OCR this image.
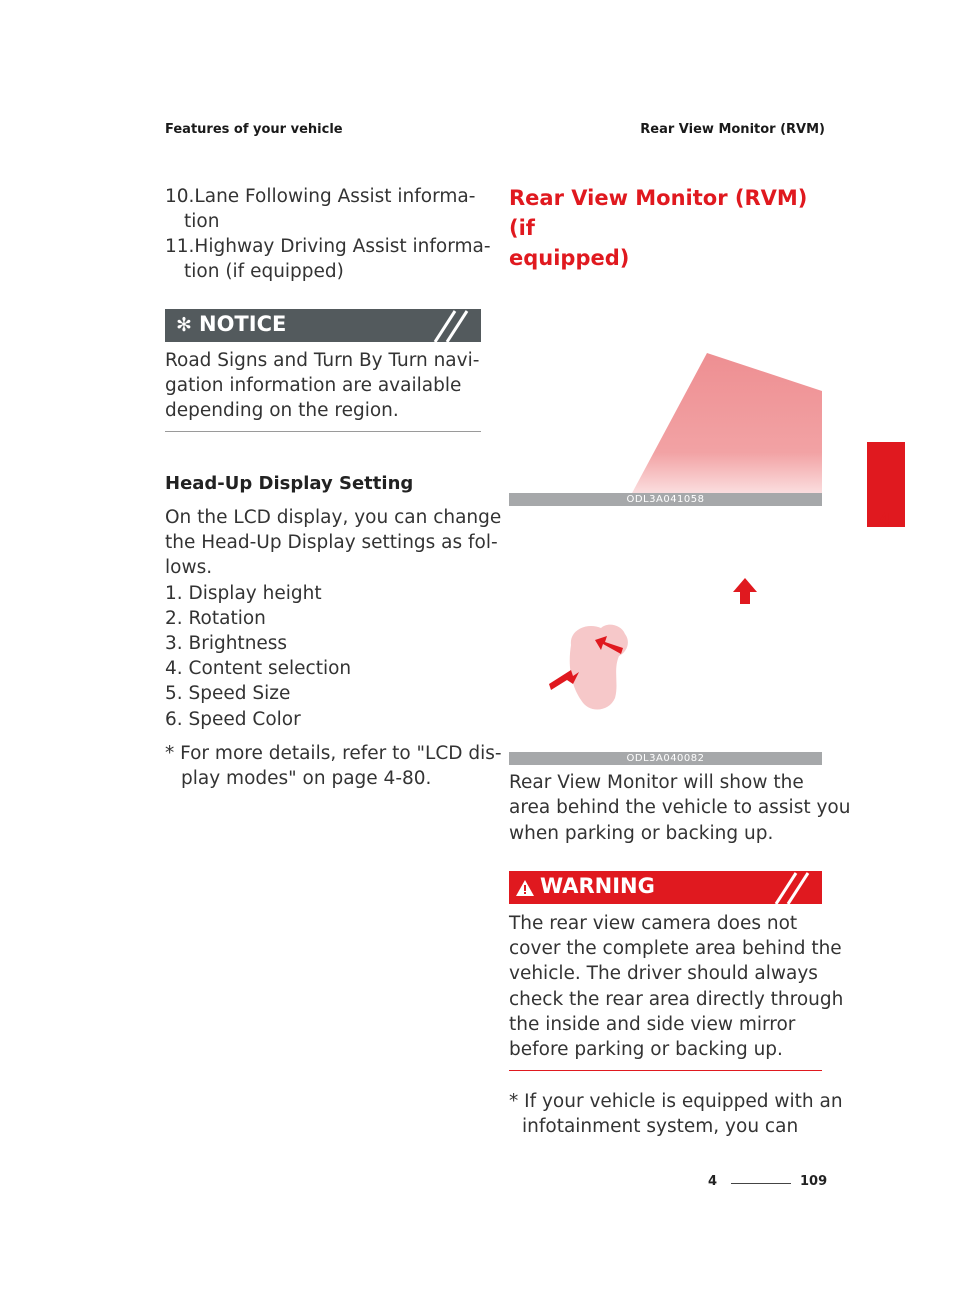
Features of your vehicle	Rear View Monitor (RVM)
10.Lane Following Assist informa-
tion
11.Highway Driving Assist informa-
tion (if equipped)
✻ NOTICE
Road Signs and Turn By Turn navi-
gation information are available
depending on the region.
Head-Up Display Setting
On the LCD display, you can change
the Head-Up Display settings as fol-
lows.
1. Display height
2. Rotation
3. Brightness
4. Content selection
5. Speed Size
6. Speed Color
* For more details, refer to "LCD dis-
play modes" on page 4-80.
Rear View Monitor (RVM) (if
equipped)
ODL3A041058
ODL3A040082
Rear View Monitor will show the
area behind the vehicle to assist you
when parking or backing up.
WARNING
The rear view camera does not
cover the complete area behind the
vehicle. The driver should always
check the rear area directly through
the inside and side view mirror
before parking or backing up.
* If your vehicle is equipped with an
infotainment system, you can
4
4	109
